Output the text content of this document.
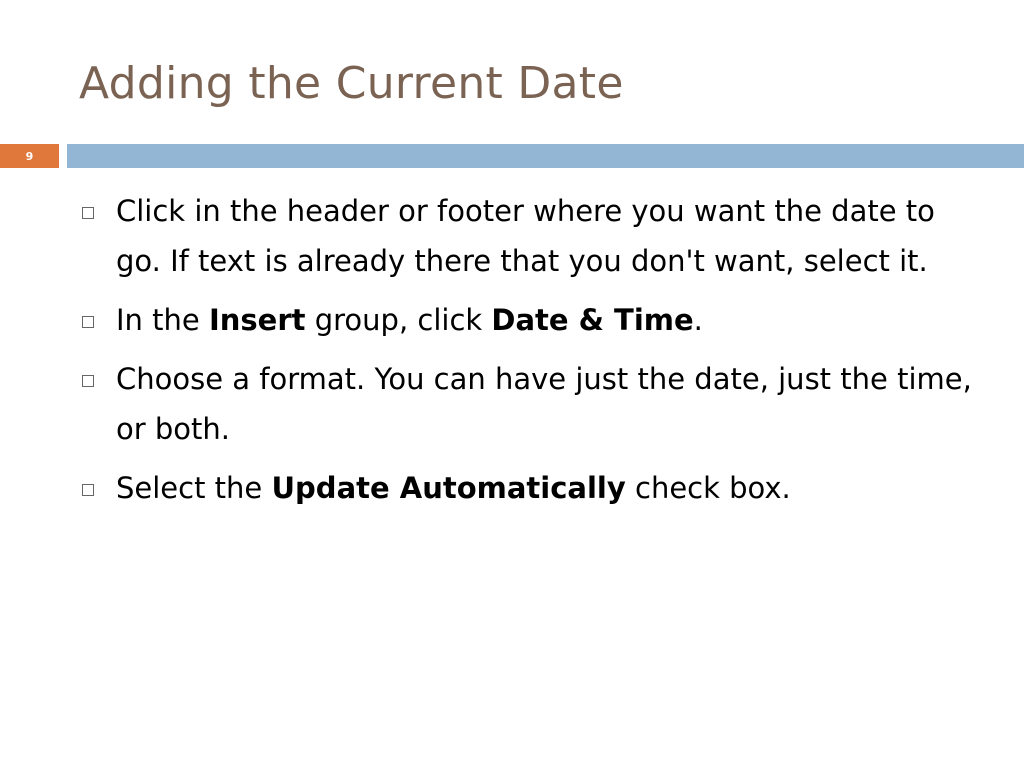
Adding the Current Date
9
Click in the header or footer where you want the date to go. If text is already there that you don't want, select it.
In the Insert group, click Date & Time.
Choose a format. You can have just the date, just the time, or both.
Select the Update Automatically check box.
